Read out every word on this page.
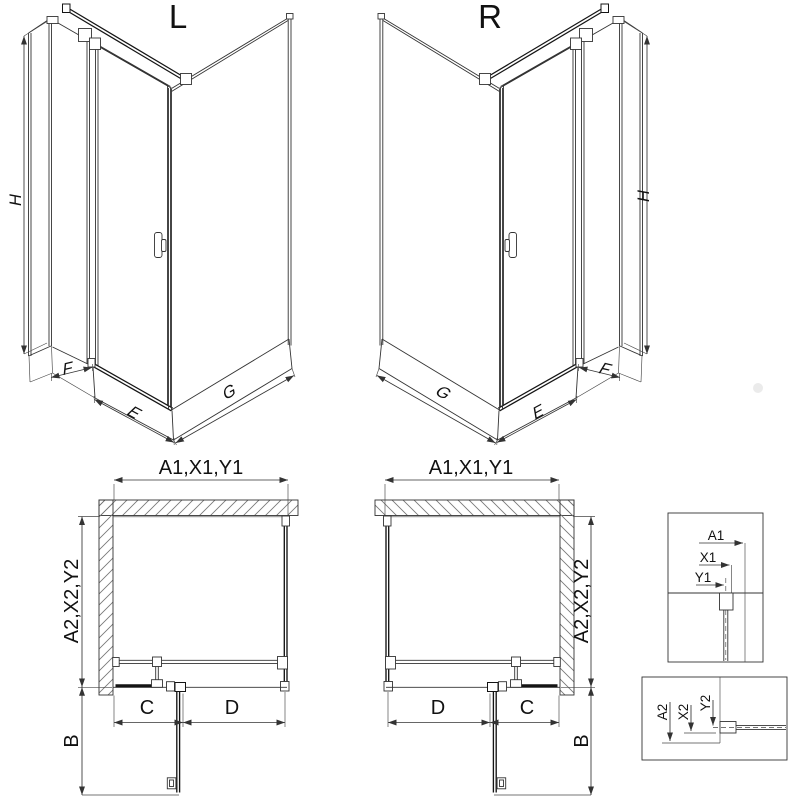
L	R
H	H
F
E
G
F
E
G
A1,X1,Y1
A2,X2,Y2
B
C	D
A1,X1,Y1
A2,X2,Y2
B
D	C
A1
X1
Y1
A2 X2
Y2
